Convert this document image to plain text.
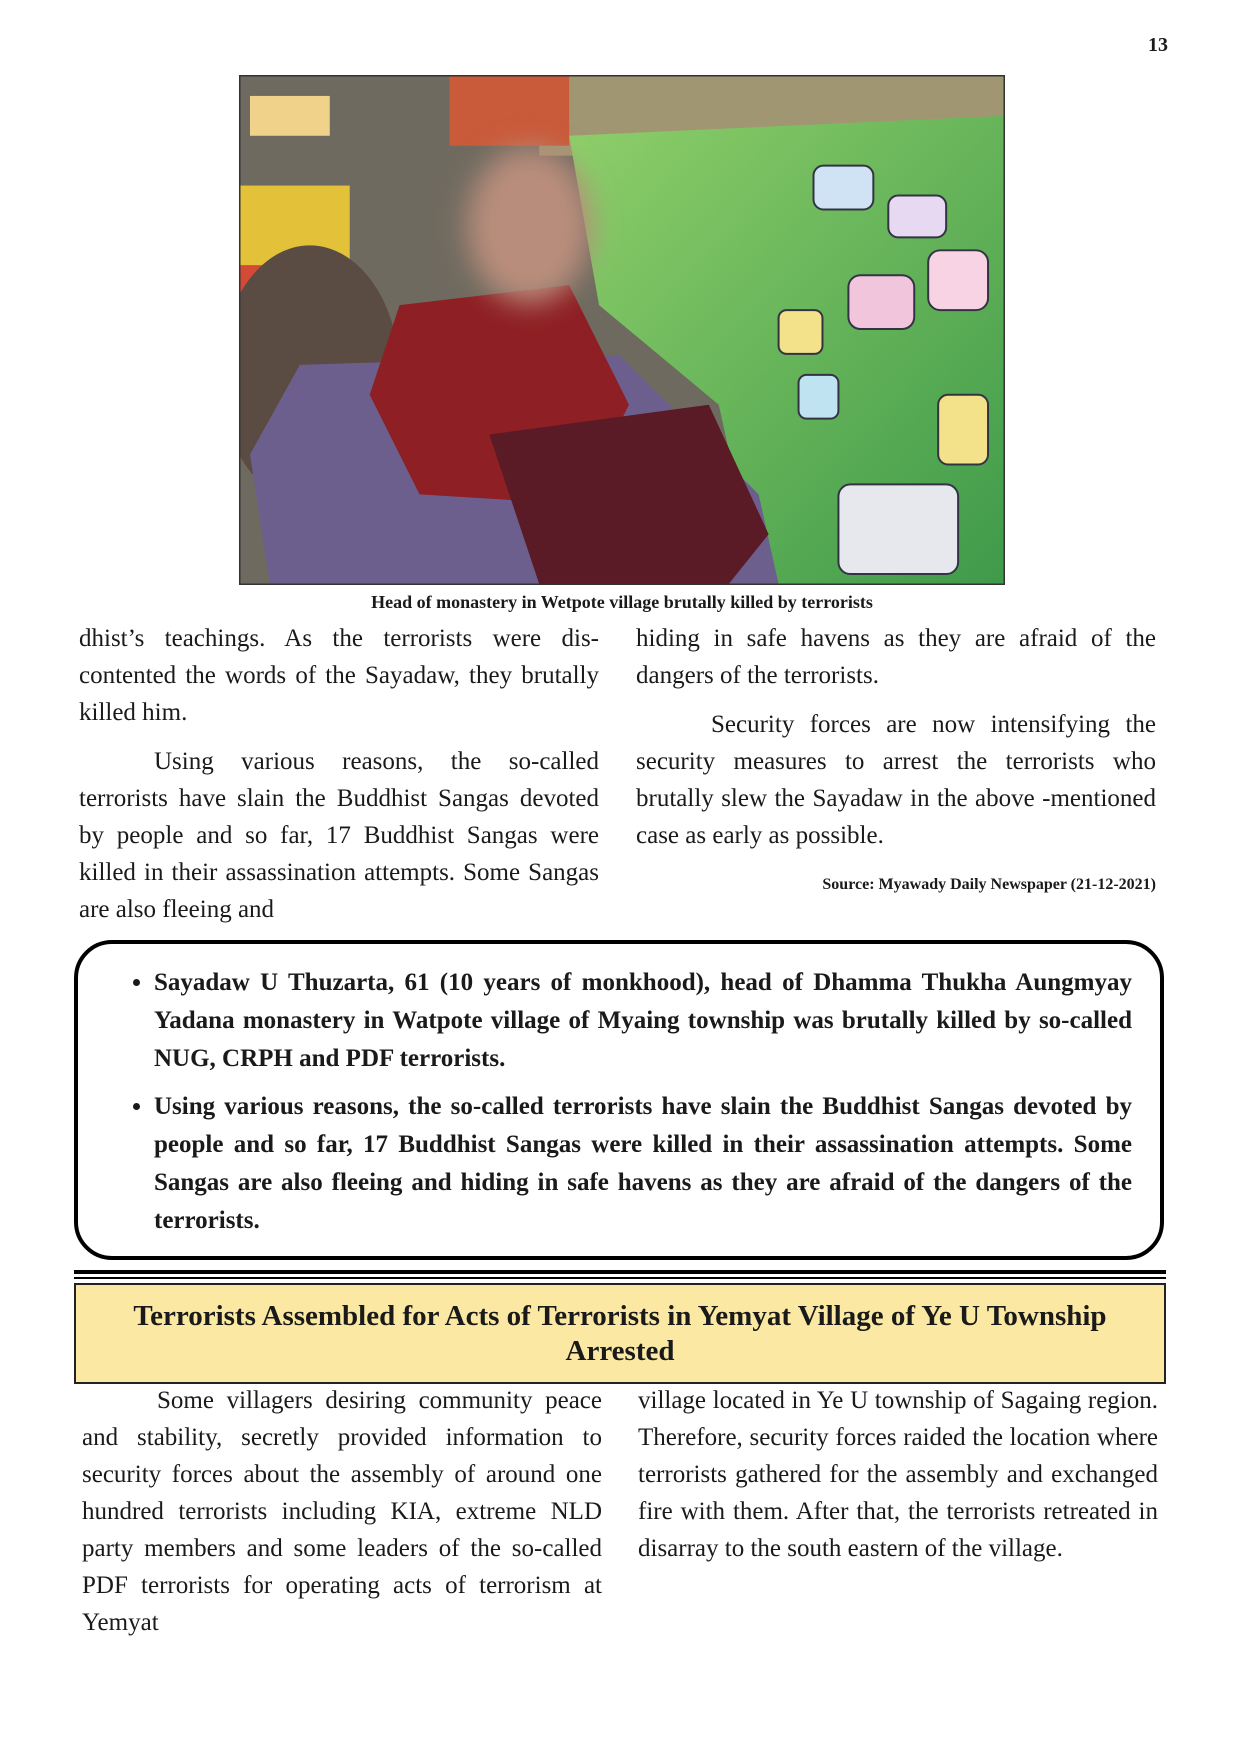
13
Head of monastery in Wetpote village brutally killed by terrorists

dhist’s teachings. As the terrorists were discontented the words of the Sayadaw, they brutally killed him.

Using various reasons, the so-called terrorists have slain the Buddhist Sangas devoted by people and so far, 17 Buddhist Sangas were killed in their assassination attempts. Some Sangas are also fleeing and

hiding in safe havens as they are afraid of the dangers of the terrorists.

Security forces are now intensifying the security measures to arrest the terrorists who brutally slew the Sayadaw in the above -mentioned case as early as possible.

Source: Myawady Daily Newspaper (21-12-2021)
• Sayadaw U Thuzarta, 61 (10 years of monkhood), head of Dhamma Thukha Aungmyay Yadana monastery in Watpote village of Myaing township was brutally killed by so-called NUG, CRPH and PDF terrorists.
• Using various reasons, the so-called terrorists have slain the Buddhist Sangas devoted by people and so far, 17 Buddhist Sangas were killed in their assassination attempts. Some Sangas are also fleeing and hiding in safe havens as they are afraid of the dangers of the terrorists.
Terrorists Assembled for Acts of Terrorists in Yemyat Village of Ye U Township Arrested

Some villagers desiring community peace and stability, secretly provided information to security forces about the assembly of around one hundred terrorists including KIA, extreme NLD party members and some leaders of the so-called PDF terrorists for operating acts of terrorism at Yemyat

village located in Ye U township of Sagaing region. Therefore, security forces raided the location where terrorists gathered for the assembly and exchanged fire with them. After that, the terrorists retreated in disarray to the south eastern of the village.
